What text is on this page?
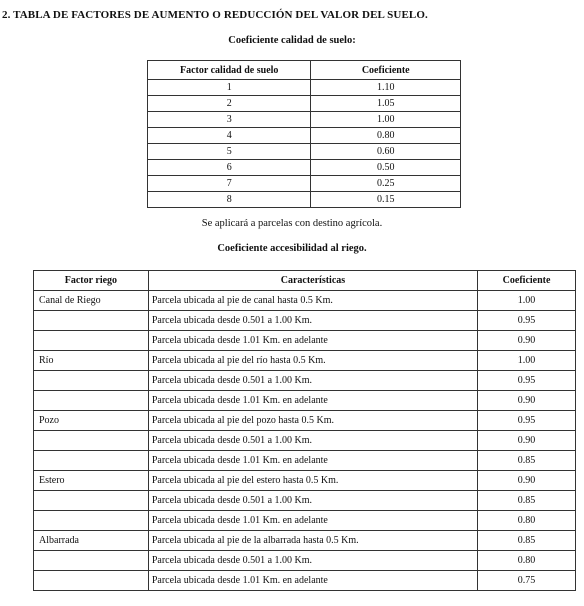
2. TABLA DE FACTORES DE AUMENTO O REDUCCIÓN DEL VALOR DEL SUELO.
Coeficiente calidad de suelo:
Factor calidad de suelo	Coeficiente
1	1.10
2	1.05
3	1.00
4	0.80
5	0.60
6	0.50
7	0.25
8	0.15
Se aplicará a parcelas con destino agrícola.
Coeficiente accesibilidad al riego.
Factor riego	Características	Coeficiente
Canal de Riego	Parcela ubicada al pie de canal hasta 0.5 Km.	1.00
	Parcela ubicada desde 0.501 a 1.00 Km.	0.95
	Parcela ubicada desde 1.01 Km. en adelante	0.90
Río	Parcela ubicada al pie del río hasta 0.5 Km.	1.00
	Parcela ubicada desde 0.501 a 1.00 Km.	0.95
	Parcela ubicada desde 1.01 Km. en adelante	0.90
Pozo	Parcela ubicada al pie del pozo hasta 0.5 Km.	0.95
	Parcela ubicada desde 0.501 a 1.00 Km.	0.90
	Parcela ubicada desde 1.01 Km. en adelante	0.85
Estero	Parcela ubicada al pie del estero hasta 0.5 Km.	0.90
	Parcela ubicada desde 0.501 a 1.00 Km.	0.85
	Parcela ubicada desde 1.01 Km. en adelante	0.80
Albarrada	Parcela ubicada al pie de la albarrada hasta 0.5 Km.	0.85
	Parcela ubicada desde 0.501 a 1.00 Km.	0.80
	Parcela ubicada desde 1.01 Km. en adelante	0.75
